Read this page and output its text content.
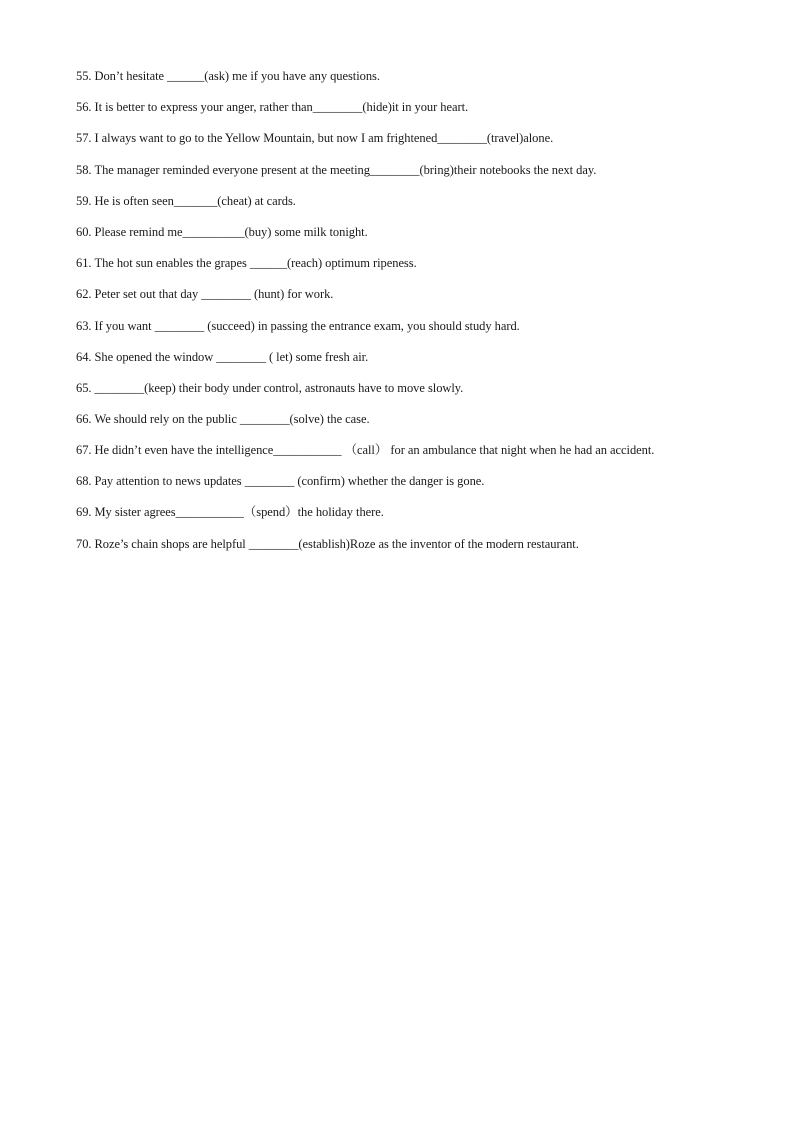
55. Don’t hesitate ______(ask) me if you have any questions.
56. It is better to express your anger, rather than________(hide)it in your heart.
57. I always want to go to the Yellow Mountain, but now I am frightened________(travel)alone.
58. The manager reminded everyone present at the meeting________(bring)their notebooks the next day.
59. He is often seen_______(cheat) at cards.
60. Please remind me__________(buy) some milk tonight.
61. The hot sun enables the grapes ______(reach) optimum ripeness.
62. Peter set out that day ________ (hunt) for work.
63. If you want ________ (succeed) in passing the entrance exam, you should study hard.
64. She opened the window ________ ( let) some fresh air.
65. ________(keep) their body under control, astronauts have to move slowly.
66. We should rely on the public ________(solve) the case.
67. He didn’t even have the intelligence___________ （call） for an ambulance that night when he had an accident.
68. Pay attention to news updates ________ (confirm) whether the danger is gone.
69. My sister agrees___________（spend）the holiday there.
70. Roze’s chain shops are helpful ________(establish)Roze as the inventor of the modern restaurant.
